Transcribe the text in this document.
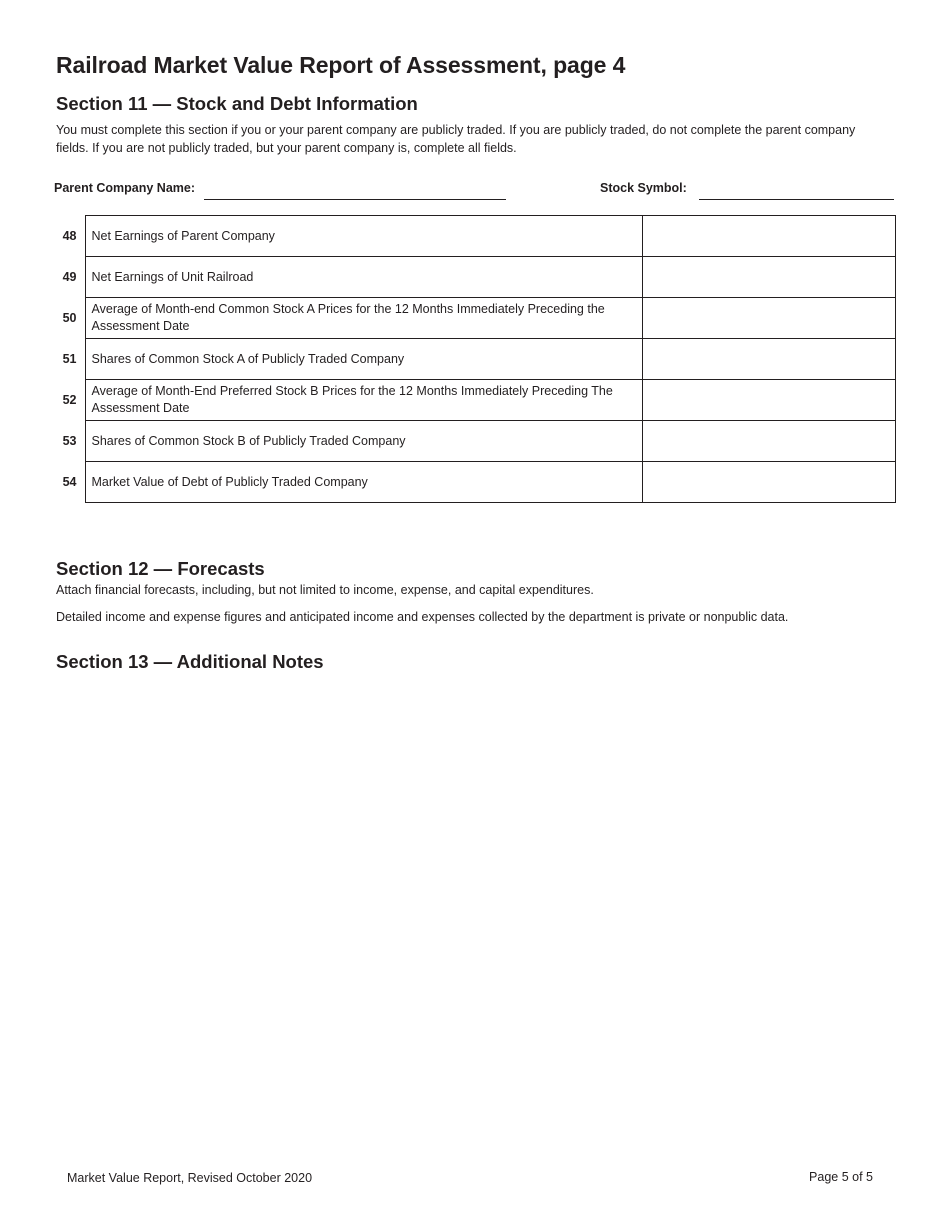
Railroad Market Value Report of Assessment, page 4
Section 11 — Stock and Debt Information

You must complete this section if you or your parent company are publicly traded. If you are publicly traded, do not complete the parent company fields. If you are not publicly traded, but your parent company is, complete all fields.

Parent Company Name:	Stock Symbol:
48	Net Earnings of Parent Company	
49	Net Earnings of Unit Railroad	
50	Average of Month-end Common Stock A Prices for the 12 Months Immediately Preceding the Assessment Date	
51	Shares of Common Stock A of Publicly Traded Company	
52	Average of Month-End Preferred Stock B Prices for the 12 Months Immediately Preceding The Assessment Date	
53	Shares of Common Stock B of Publicly Traded Company	
54	Market Value of Debt of Publicly Traded Company	
Section 12 — Forecasts

Attach financial forecasts, including, but not limited to income, expense, and capital expenditures.

Detailed income and expense figures and anticipated income and expenses collected by the department is private or nonpublic data.

Section 13 — Additional Notes
Market Value Report, Revised October 2020	Page 5 of 5
